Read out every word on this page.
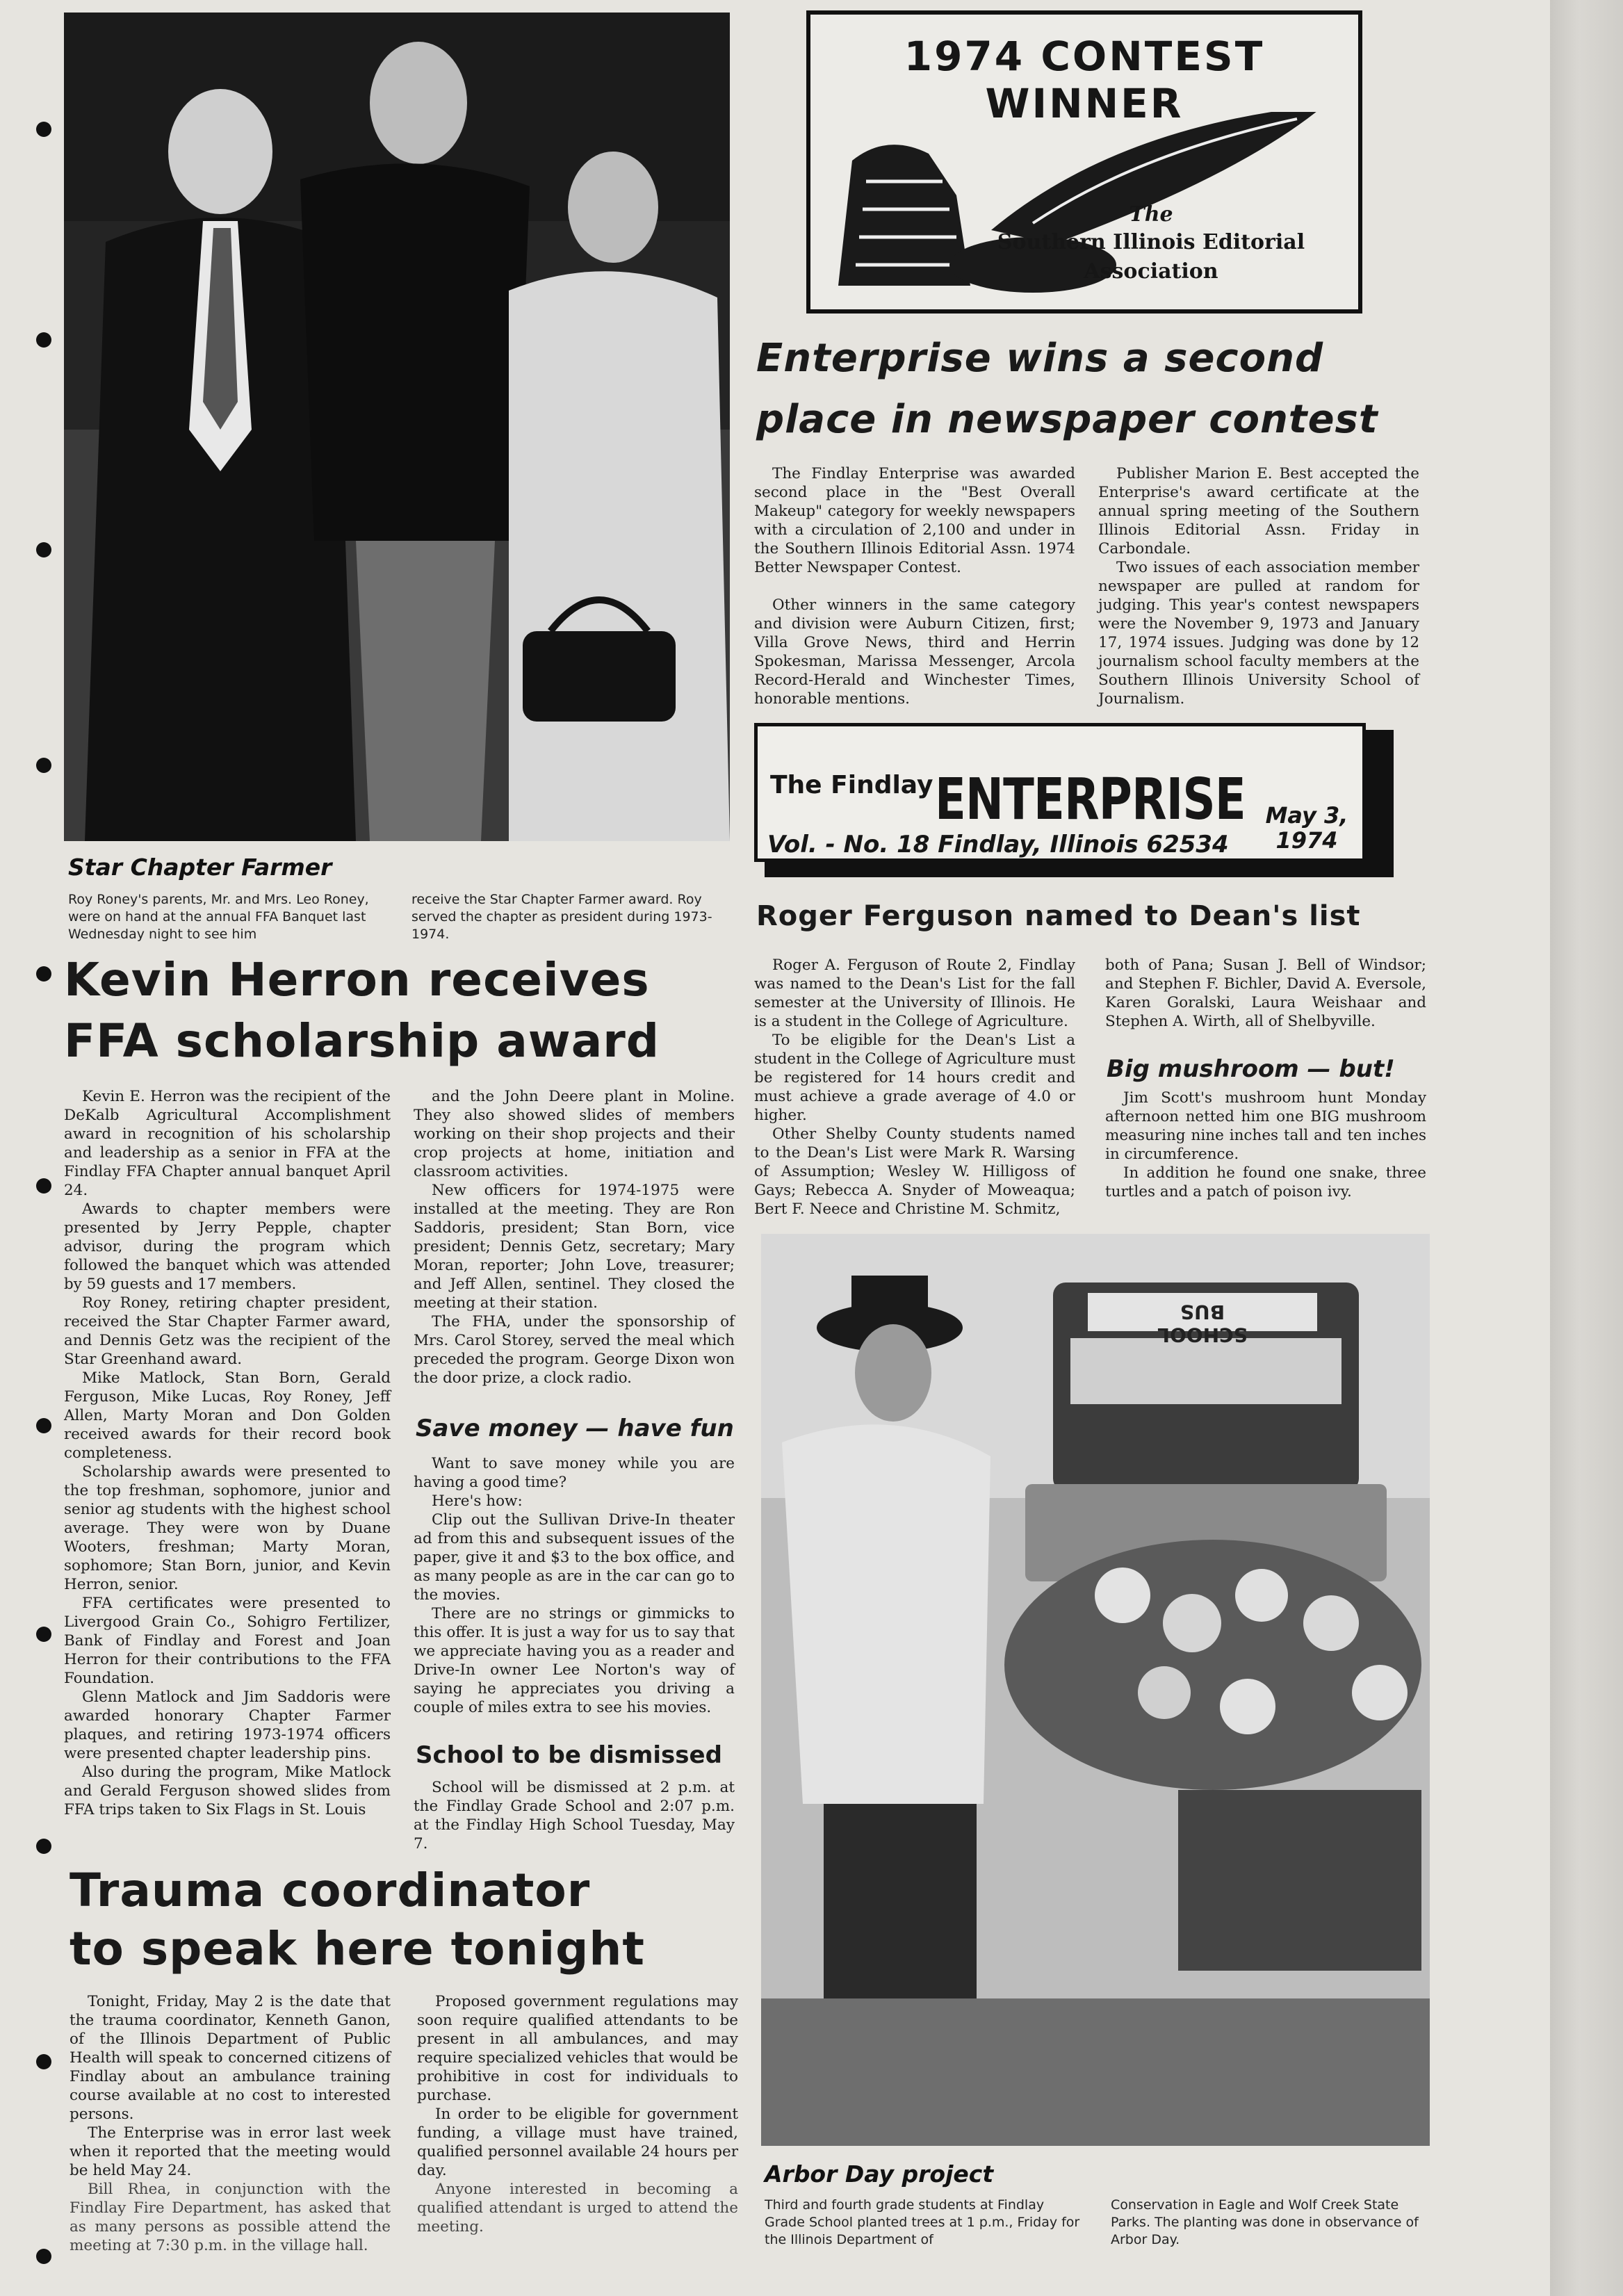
Star Chapter Farmer
Roy Roney's parents, Mr. and Mrs. Leo Roney, were on hand at the annual FFA Banquet last Wednesday night to see him
receive the Star Chapter Farmer award. Roy served the chapter as president during 1973-1974.
1974 CONTEST WINNER
The
Southern Illinois Editorial
Association
Enterprise wins a second
place in newspaper contest

The Findlay Enterprise was awarded second place in the "Best Overall Makeup" category for weekly newspapers with a circulation of 2,100 and under in the Southern Illinois Editorial Assn. 1974 Better Newspaper Contest.

Other winners in the same category and division were Auburn Citizen, first; Villa Grove News, third and Herrin Spokesman, Marissa Messenger, Arcola Record-Herald and Winchester Times, honorable mentions.

Publisher Marion E. Best accepted the Enterprise's award certificate at the annual spring meeting of the Southern Illinois Editorial Assn. Friday in Carbondale.

Two issues of each association member newspaper are pulled at random for judging. This year's contest newspapers were the November 9, 1973 and January 17, 1974 issues. Judging was done by 12 journalism school faculty members at the Southern Illinois University School of Journalism.

The Findlay ENTERPRISE
Vol. - No. 18 Findlay, Illinois 62534
May 3,
1974
Kevin Herron receives
FFA scholarship award

Kevin E. Herron was the recipient of the DeKalb Agricultural Accomplishment award in recognition of his scholarship and leadership as a senior in FFA at the Findlay FFA Chapter annual banquet April 24.

Awards to chapter members were presented by Jerry Pepple, chapter advisor, during the program which followed the banquet which was attended by 59 guests and 17 members.

Roy Roney, retiring chapter president, received the Star Chapter Farmer award, and Dennis Getz was the recipient of the Star Greenhand award.

Mike Matlock, Stan Born, Gerald Ferguson, Mike Lucas, Roy Roney, Jeff Allen, Marty Moran and Don Golden received awards for their record book completeness.

Scholarship awards were presented to the top freshman, sophomore, junior and senior ag students with the highest school average. They were won by Duane Wooters, freshman; Marty Moran, sophomore; Stan Born, junior, and Kevin Herron, senior.

FFA certificates were presented to Livergood Grain Co., Sohigro Fertilizer, Bank of Findlay and Forest and Joan Herron for their contributions to the FFA Foundation.

Glenn Matlock and Jim Saddoris were awarded honorary Chapter Farmer plaques, and retiring 1973-1974 officers were presented chapter leadership pins.

Also during the program, Mike Matlock and Gerald Ferguson showed slides from FFA trips taken to Six Flags in St. Louis

and the John Deere plant in Moline. They also showed slides of members working on their shop projects and their crop projects at home, initiation and classroom activities.

New officers for 1974-1975 were installed at the meeting. They are Ron Saddoris, president; Stan Born, vice president; Dennis Getz, secretary; Mary Moran, reporter; John Love, treasurer; and Jeff Allen, sentinel. They closed the meeting at their station.

The FHA, under the sponsorship of Mrs. Carol Storey, served the meal which preceded the program. George Dixon won the door prize, a clock radio.

Save money — have fun

Want to save money while you are having a good time?

Here's how:

Clip out the Sullivan Drive-In theater ad from this and subsequent issues of the paper, give it and $3 to the box office, and as many people as are in the car can go to the movies.

There are no strings or gimmicks to this offer. It is just a way for us to say that we appreciate having you as a reader and Drive-In owner Lee Norton's way of saying he appreciates you driving a couple of miles extra to see his movies.

School to be dismissed

School will be dismissed at 2 p.m. at the Findlay Grade School and 2:07 p.m. at the Findlay High School Tuesday, May 7.

Roger Ferguson named to Dean's list

Roger A. Ferguson of Route 2, Findlay was named to the Dean's List for the fall semester at the University of Illinois. He is a student in the College of Agriculture.

To be eligible for the Dean's List a student in the College of Agriculture must be registered for 14 hours credit and must achieve a grade average of 4.0 or higher.

Other Shelby County students named to the Dean's List were Mark R. Warsing of Assumption; Wesley W. Hilligoss of Gays; Rebecca A. Snyder of Moweaqua; Bert F. Neece and Christine M. Schmitz,

both of Pana; Susan J. Bell of Windsor; and Stephen F. Bichler, David A. Eversole, Karen Goralski, Laura Weishaar and Stephen A. Wirth, all of Shelbyville.

Big mushroom — but!

Jim Scott's mushroom hunt Monday afternoon netted him one BIG mushroom measuring nine inches tall and ten inches in circumference.

In addition he found one snake, three turtles and a patch of poison ivy.

SCHOOL BUS
Arbor Day project
Third and fourth grade students at Findlay Grade School planted trees at 1 p.m., Friday for the Illinois Department of
Conservation in Eagle and Wolf Creek State Parks. The planting was done in observance of Arbor Day.
Trauma coordinator
to speak here tonight

Tonight, Friday, May 2 is the date that the trauma coordinator, Kenneth Ganon, of the Illinois Department of Public Health will speak to concerned citizens of Findlay about an ambulance training course available at no cost to interested persons.

The Enterprise was in error last week when it reported that the meeting would be held May 24.

Bill Rhea, in conjunction with the Findlay Fire Department, has asked that as many persons as possible attend the meeting at 7:30 p.m. in the village hall.

Proposed government regulations may soon require qualified attendants to be present in all ambulances, and may require specialized vehicles that would be prohibitive in cost for individuals to purchase.

In order to be eligible for government funding, a village must have trained, qualified personnel available 24 hours per day.

Anyone interested in becoming a qualified attendant is urged to attend the meeting.
